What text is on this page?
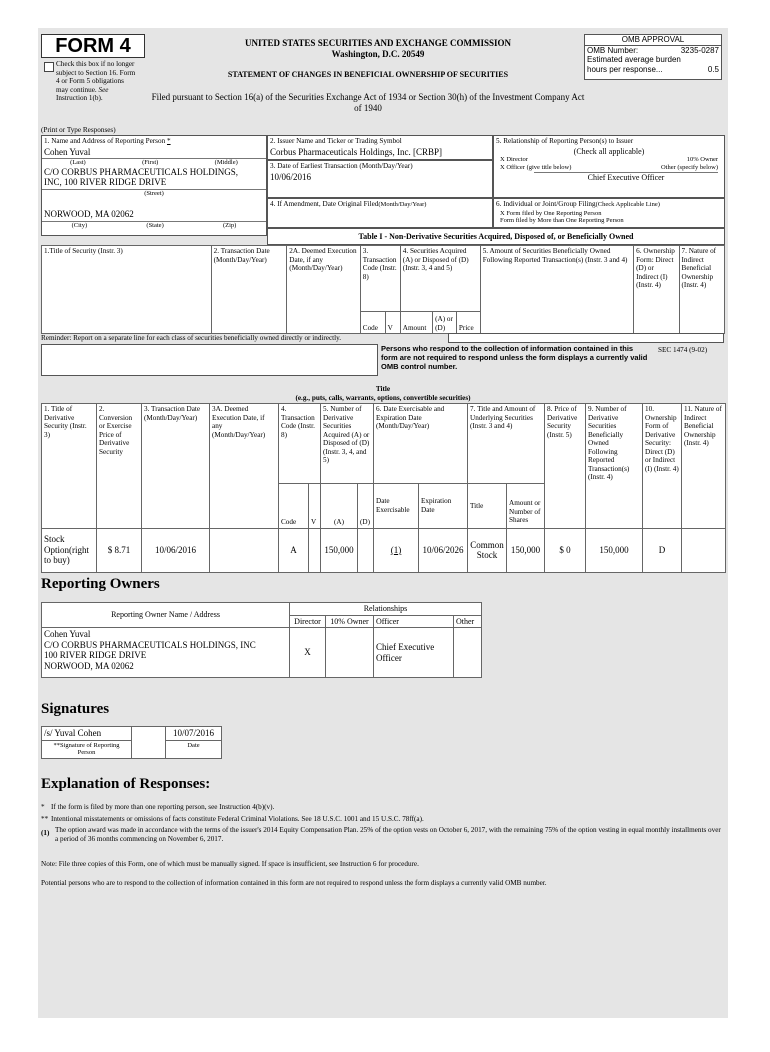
FORM 4
Check this box if no longer subject to Section 16. Form 4 or Form 5 obligations may continue. See Instruction 1(b).
UNITED STATES SECURITIES AND EXCHANGE COMMISSION
Washington, D.C. 20549
STATEMENT OF CHANGES IN BENEFICIAL OWNERSHIP OF SECURITIES
Filed pursuant to Section 16(a) of the Securities Exchange Act of 1934 or Section 30(h) of the Investment Company Act of 1940
OMB APPROVAL
OMB Number:	3235-0287
Estimated average burden
hours per response...	0.5
(Print or Type Responses)
1. Name and Address of Reporting Person *
Cohen Yuval
(Last)	(First)	(Middle)
C/O CORBUS PHARMACEUTICALS HOLDINGS,
INC, 100 RIVER RIDGE DRIVE
(Street)
NORWOOD, MA 02062
(City)	(State)	(Zip)
2. Issuer Name and Ticker or Trading Symbol
Corbus Pharmaceuticals Holdings, Inc. [CRBP]
3. Date of Earliest Transaction (Month/Day/Year)
10/06/2016
4. If Amendment, Date Original Filed(Month/Day/Year)
5. Relationship of Reporting Person(s) to Issuer
(Check all applicable)
X Director	10% Owner
X Officer (give title below)	Other (specify below)
Chief Executive Officer
6. Individual or Joint/Group Filing(Check Applicable Line)
X Form filed by One Reporting Person
Form filed by More than One Reporting Person
Table I - Non-Derivative Securities Acquired, Disposed of, or Beneficially Owned
1.Title of Security (Instr. 3)	2. Transaction Date (Month/Day/Year)	2A. Deemed Execution Date, if any (Month/Day/Year)	3. Transaction Code (Instr. 8)		4. Securities Acquired (A) or Disposed of (D) (Instr. 3, 4 and 5)			5. Amount of Securities Beneficially Owned Following Reported Transaction(s) (Instr. 3 and 4)	6. Ownership Form: Direct (D) or Indirect (I) (Instr. 4)	7. Nature of Indirect Beneficial Ownership (Instr. 4)
			Code	V	Amount	(A) or (D)	Price			
Reminder: Report on a separate line for each class of securities beneficially owned directly or indirectly.
Persons who respond to the collection of information contained in this form are not required to respond unless the form displays a currently valid OMB control number.
SEC 1474 (9-02)
Title
(e.g., puts, calls, warrants, options, convertible securities)
1. Title of Derivative Security (Instr. 3)	2. Conversion or Exercise Price of Derivative Security	3. Transaction Date (Month/Day/Year)	3A. Deemed Execution Date, if any (Month/Day/Year)	4. Transaction Code (Instr. 8)		5. Number of Derivative Securities Acquired (A) or Disposed of (D) (Instr. 3, 4, and 5)		6. Date Exercisable and Expiration Date (Month/Day/Year)		7. Title and Amount of Underlying Securities (Instr. 3 and 4)		8. Price of Derivative Security (Instr. 5)	9. Number of Derivative Securities Beneficially Owned Following Reported Transaction(s) (Instr. 4)	10. Ownership Form of Derivative Security: Direct (D) or Indirect (I) (Instr. 4)	11. Nature of Indirect Beneficial Ownership (Instr. 4)
				Code	V	(A)	(D)	Date Exercisable	Expiration Date	Title					
											Amount or Number of Shares				
Stock Option(right to buy)	$ 8.71	10/06/2016		A		150,000		(1)	10/06/2026	Common Stock	150,000	$ 0	150,000	D	
Reporting Owners
Reporting Owner Name / Address	Relationships			
	Director	10% Owner	Officer	Other

Cohen Yuval
C/O CORBUS PHARMACEUTICALS HOLDINGS, INC
100 RIVER RIDGE DRIVE
NORWOOD, MA 02062	X		Chief Executive Officer	
Signatures
/s/ Yuval Cohen		10/07/2016
**Signature of Reporting Person		Date
Explanation of Responses:
* If the form is filed by more than one reporting person, see Instruction 4(b)(v).
** Intentional misstatements or omissions of facts constitute Federal Criminal Violations. See 18 U.S.C. 1001 and 15 U.S.C. 78ff(a).
(1) The option award was made in accordance with the terms of the issuer's 2014 Equity Compensation Plan. 25% of the option vests on October 6, 2017, with the remaining 75% of the option vesting in equal monthly installments over a period of 36 months commencing on November 6, 2017.
Note: File three copies of this Form, one of which must be manually signed. If space is insufficient, see Instruction 6 for procedure.
Potential persons who are to respond to the collection of information contained in this form are not required to respond unless the form displays a currently valid OMB number.
